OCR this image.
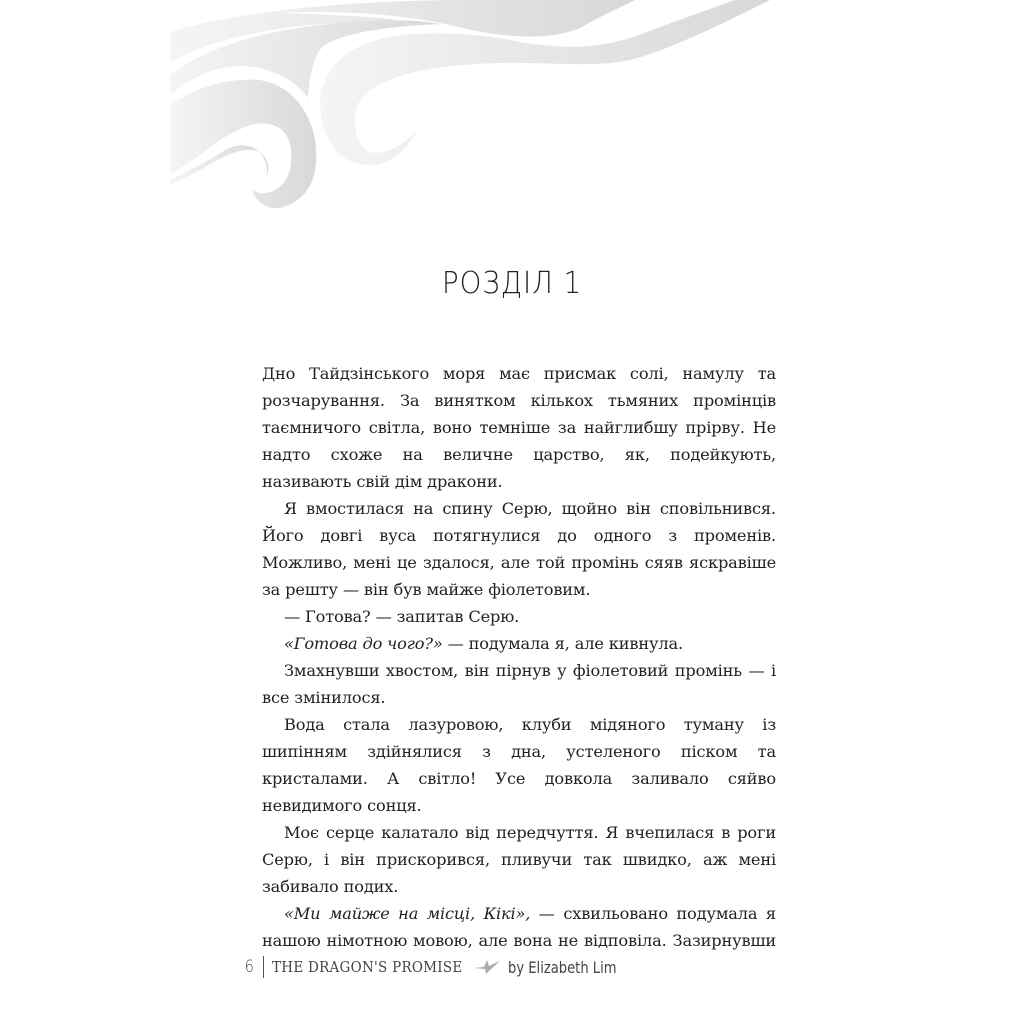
РОЗДІЛ 1

Дно Тайдзінського моря має присмак солі, намулу та розчарування. За винятком кількох тьмяних промінців таємничого світла, воно темніше за найглибшу прірву. Не надто схоже на величне царство, як, подейкують, називають свій дім дракони.

Я вмостилася на спину Серю, щойно він сповільнився. Його довгі вуса потягнулися до одного з променів. Можливо, мені це здалося, але той промінь сяяв яскравіше за решту — він був майже фіолетовим.

— Готова? — запитав Серю.

«Готова до чого?» — подумала я, але кивнула.

Змахнувши хвостом, він пірнув у фіолетовий промінь — і все змінилося.

Вода стала лазуровою, клуби мідяного туману із шипінням здійнялися з дна, устеленого піском та кристалами. А світло! Усе довкола заливало сяйво невидимого сонця.

Моє серце калатало від передчуття. Я вчепилася в роги Серю, і він прискорився, пливучи так швидко, аж мені забивало подих.

«Ми майже на місці, Кікі», — схвильовано подумала я нашою німотною мовою, але вона не відповіла. Зазирнувши

6 THE DRAGON'S PROMISE	by Elizabeth Lim
